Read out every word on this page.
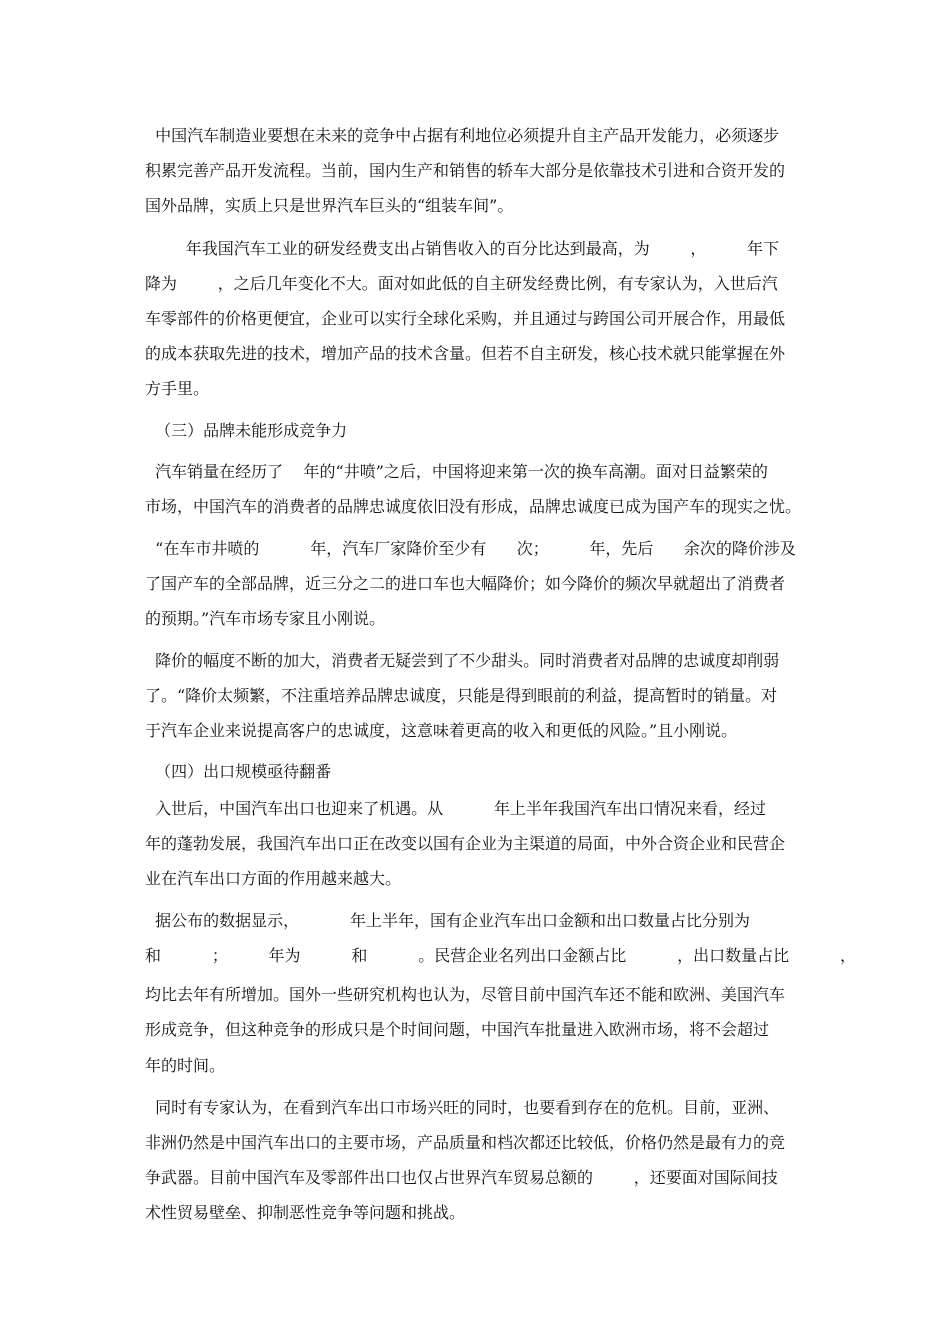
中国汽车制造业要想在未来的竞争中占据有利地位必须提升自主产品开发能力，必须逐步
积累完善产品开发流程。当前，国内生产和销售的轿车大部分是依靠技术引进和合资开发的
国外品牌，实质上只是世界汽车巨头的“组装车间”。
年我国汽车工业的研发经费支出占销售收入的百分比达到最高，为        ，        年下
降为        ，之后几年变化不大。面对如此低的自主研发经费比例，有专家认为，入世后汽
车零部件的价格更便宜，企业可以实行全球化采购，并且通过与跨国公司开展合作，用最低
的成本获取先进的技术，增加产品的技术含量。但若不自主研发，核心技术就只能掌握在外
方手里。
（三）品牌未能形成竞争力
汽车销量在经历了    年的“井喷”之后，中国将迎来第一次的换车高潮。面对日益繁荣的
市场，中国汽车的消费者的品牌忠诚度依旧没有形成，品牌忠诚度已成为国产车的现实之忧。
“在车市井喷的          年，汽车厂家降价至少有      次；        年，先后      余次的降价涉及
了国产车的全部品牌，近三分之二的进口车也大幅降价；如今降价的频次早就超出了消费者
的预期。”汽车市场专家且小刚说。
降价的幅度不断的加大，消费者无疑尝到了不少甜头。同时消费者对品牌的忠诚度却削弱
了。“降价太频繁，不注重培养品牌忠诚度，只能是得到眼前的利益，提高暂时的销量。对
于汽车企业来说提高客户的忠诚度，这意味着更高的收入和更低的风险。”且小刚说。
（四）出口规模亟待翻番
入世后，中国汽车出口也迎来了机遇。从          年上半年我国汽车出口情况来看，经过
年的蓬勃发展，我国汽车出口正在改变以国有企业为主渠道的局面，中外合资企业和民营企
业在汽车出口方面的作用越来越大。
据公布的数据显示，          年上半年，国有企业汽车出口金额和出口数量占比分别为
和          ；        年为          和          。民营企业名列出口金额占比          ，出口数量占比          ，
均比去年有所增加。国外一些研究机构也认为，尽管目前中国汽车还不能和欧洲、美国汽车
形成竞争，但这种竞争的形成只是个时间问题，中国汽车批量进入欧洲市场，将不会超过
年的时间。
同时有专家认为，在看到汽车出口市场兴旺的同时，也要看到存在的危机。目前，亚洲、
非洲仍然是中国汽车出口的主要市场，产品质量和档次都还比较低，价格仍然是最有力的竞
争武器。目前中国汽车及零部件出口也仅占世界汽车贸易总额的        ，还要面对国际间技
术性贸易壁垒、抑制恶性竞争等问题和挑战。
